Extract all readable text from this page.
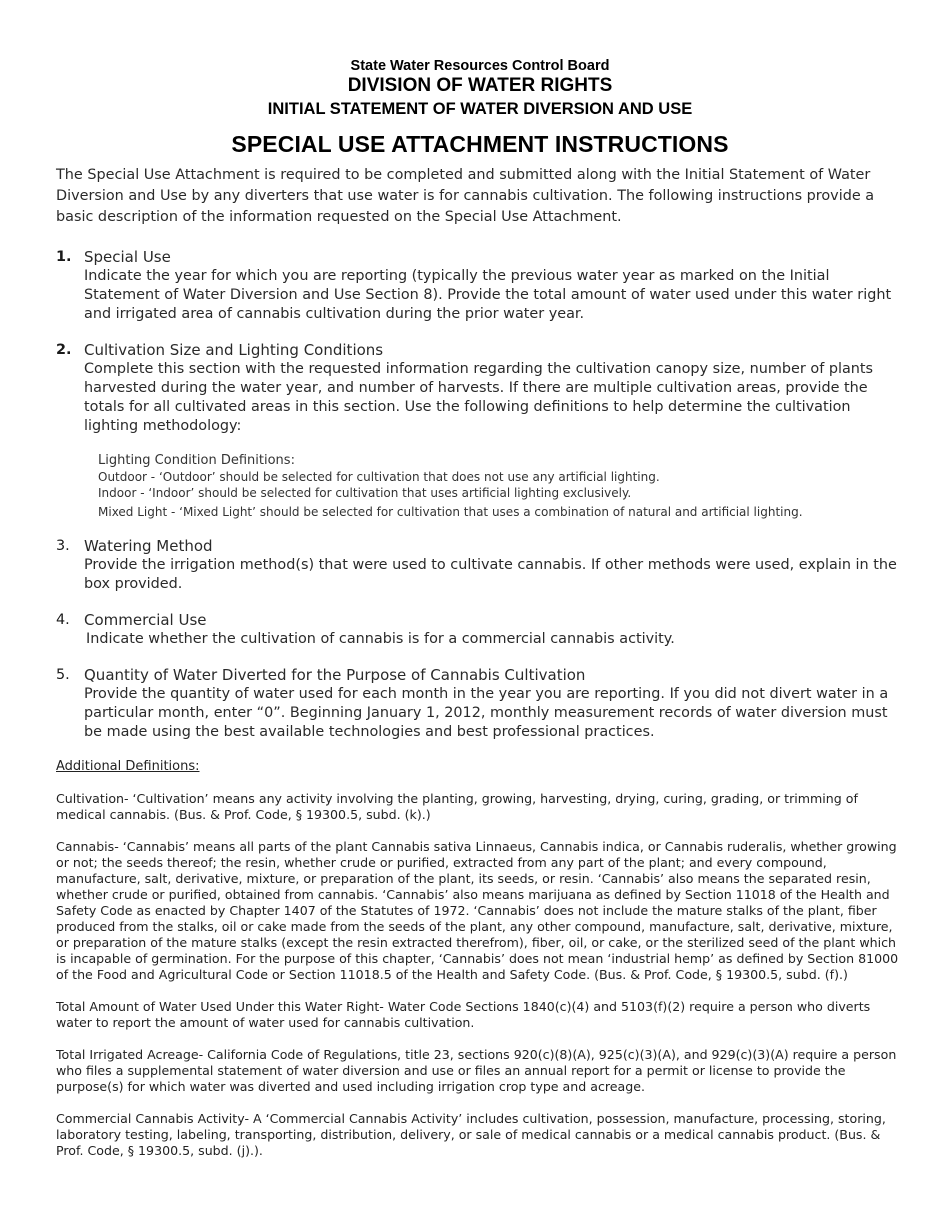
State Water Resources Control Board
DIVISION OF WATER RIGHTS
INITIAL STATEMENT OF WATER DIVERSION AND USE
SPECIAL USE ATTACHMENT INSTRUCTIONS

The Special Use Attachment is required to be completed and submitted along with the Initial Statement of Water Diversion and Use by any diverters that use water is for cannabis cultivation. The following instructions provide a basic description of the information requested on the Special Use Attachment.

1. Special Use
Indicate the year for which you are reporting (typically the previous water year as marked on the Initial Statement of Water Diversion and Use Section 8). Provide the total amount of water used under this water right and irrigated area of cannabis cultivation during the prior water year.
2. Cultivation Size and Lighting Conditions
Complete this section with the requested information regarding the cultivation canopy size, number of plants harvested during the water year, and number of harvests. If there are multiple cultivation areas, provide the totals for all cultivated areas in this section. Use the following definitions to help determine the cultivation lighting methodology:
Lighting Condition Definitions:
Outdoor - ‘Outdoor’ should be selected for cultivation that does not use any artificial lighting.
Indoor - ‘Indoor’ should be selected for cultivation that uses artificial lighting exclusively.
Mixed Light - ‘Mixed Light’ should be selected for cultivation that uses a combination of natural and artificial lighting.
3. Watering Method
Provide the irrigation method(s) that were used to cultivate cannabis. If other methods were used, explain in the box provided.
4. Commercial Use
Indicate whether the cultivation of cannabis is for a commercial cannabis activity.
5. Quantity of Water Diverted for the Purpose of Cannabis Cultivation
Provide the quantity of water used for each month in the year you are reporting. If you did not divert water in a particular month, enter “0”. Beginning January 1, 2012, monthly measurement records of water diversion must be made using the best available technologies and best professional practices.
Additional Definitions:

Cultivation- ‘Cultivation’ means any activity involving the planting, growing, harvesting, drying, curing, grading, or trimming of medical cannabis. (Bus. & Prof. Code, § 19300.5, subd. (k).)

Cannabis- ‘Cannabis’ means all parts of the plant Cannabis sativa Linnaeus, Cannabis indica, or Cannabis ruderalis, whether growing or not; the seeds thereof; the resin, whether crude or purified, extracted from any part of the plant; and every compound, manufacture, salt, derivative, mixture, or preparation of the plant, its seeds, or resin. ‘Cannabis’ also means the separated resin, whether crude or purified, obtained from cannabis. ‘Cannabis’ also means marijuana as defined by Section 11018 of the Health and Safety Code as enacted by Chapter 1407 of the Statutes of 1972. ‘Cannabis’ does not include the mature stalks of the plant, fiber produced from the stalks, oil or cake made from the seeds of the plant, any other compound, manufacture, salt, derivative, mixture, or preparation of the mature stalks (except the resin extracted therefrom), fiber, oil, or cake, or the sterilized seed of the plant which is incapable of germination. For the purpose of this chapter, ‘Cannabis’ does not mean ‘industrial hemp’ as defined by Section 81000 of the Food and Agricultural Code or Section 11018.5 of the Health and Safety Code. (Bus. & Prof. Code, § 19300.5, subd. (f).)

Total Amount of Water Used Under this Water Right- Water Code Sections 1840(c)(4) and 5103(f)(2) require a person who diverts water to report the amount of water used for cannabis cultivation.

Total Irrigated Acreage- California Code of Regulations, title 23, sections 920(c)(8)(A), 925(c)(3)(A), and 929(c)(3)(A) require a person who files a supplemental statement of water diversion and use or files an annual report for a permit or license to provide the purpose(s) for which water was diverted and used including irrigation crop type and acreage.

Commercial Cannabis Activity- A ‘Commercial Cannabis Activity’ includes cultivation, possession, manufacture, processing, storing, laboratory testing, labeling, transporting, distribution, delivery, or sale of medical cannabis or a medical cannabis product. (Bus. & Prof. Code, § 19300.5, subd. (j).).
